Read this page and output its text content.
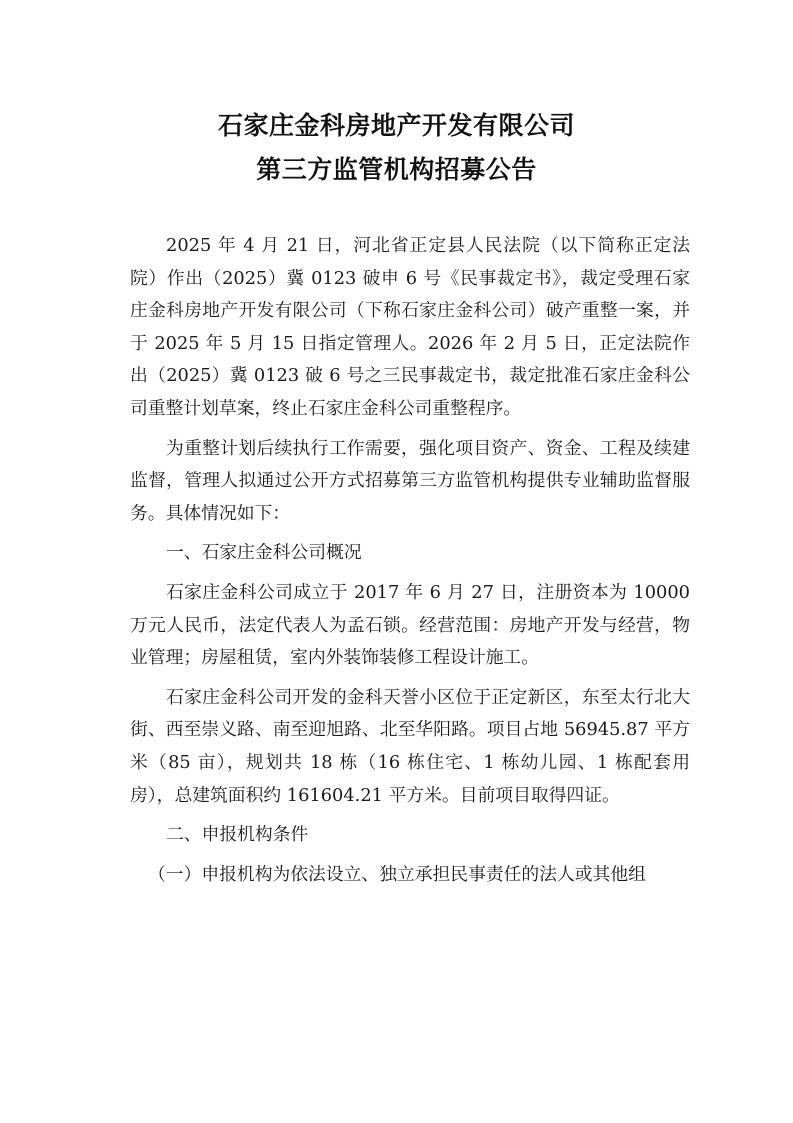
石家庄金科房地产开发有限公司
第三方监管机构招募公告

2025 年 4 月 21 日，河北省正定县人民法院（以下简称正定法院）作出（2025）冀 0123 破申 6 号《民事裁定书》，裁定受理石家庄金科房地产开发有限公司（下称石家庄金科公司）破产重整一案，并于 2025 年 5 月 15 日指定管理人。2026 年 2 月 5 日，正定法院作出（2025）冀 0123 破 6 号之三民事裁定书，裁定批准石家庄金科公司重整计划草案，终止石家庄金科公司重整程序。

为重整计划后续执行工作需要，强化项目资产、资金、工程及续建监督，管理人拟通过公开方式招募第三方监管机构提供专业辅助监督服务。具体情况如下：

一、石家庄金科公司概况

石家庄金科公司成立于 2017 年 6 月 27 日，注册资本为 10000 万元人民币，法定代表人为孟石锁。经营范围：房地产开发与经营，物业管理；房屋租赁，室内外装饰装修工程设计施工。

石家庄金科公司开发的金科天誉小区位于正定新区，东至太行北大街、西至崇义路、南至迎旭路、北至华阳路。项目占地 56945.87 平方米（85 亩），规划共 18 栋（16 栋住宅、1 栋幼儿园、1 栋配套用房），总建筑面积约 161604.21 平方米。目前项目取得四证。

二、申报机构条件

（一）申报机构为依法设立、独立承担民事责任的法人或其他组
